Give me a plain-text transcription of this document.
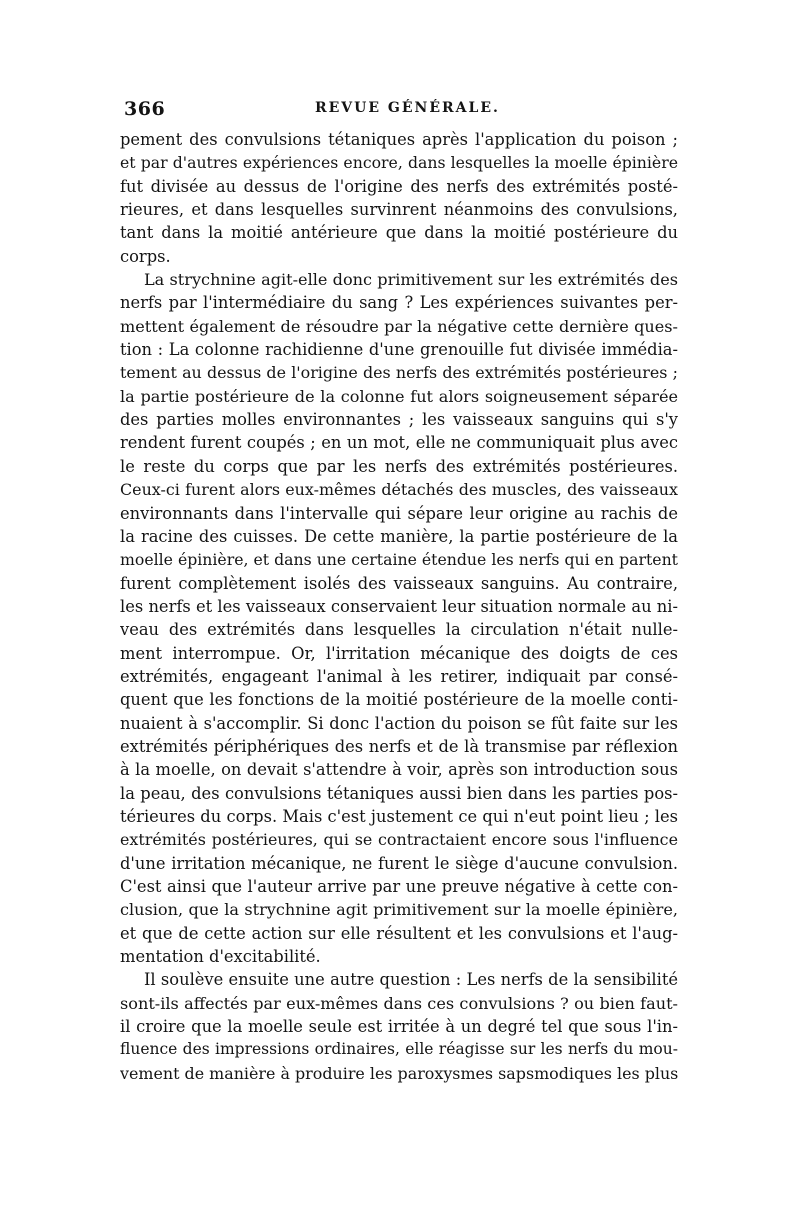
366	REVUE GÉNÉRALE.
pement des convulsions tétaniques après l'application du poison ;
et par d'autres expériences encore, dans lesquelles la moelle épinière
fut divisée au dessus de l'origine des nerfs des extrémités posté-
rieures, et dans lesquelles survinrent néanmoins des convulsions,
tant dans la moitié antérieure que dans la moitié postérieure du
corps.
La strychnine agit-elle donc primitivement sur les extrémités des
nerfs par l'intermédiaire du sang ? Les expériences suivantes per-
mettent également de résoudre par la négative cette dernière ques-
tion : La colonne rachidienne d'une grenouille fut divisée immédia-
tement au dessus de l'origine des nerfs des extrémités postérieures ;
la partie postérieure de la colonne fut alors soigneusement séparée
des parties molles environnantes ; les vaisseaux sanguins qui s'y
rendent furent coupés ; en un mot, elle ne communiquait plus avec
le reste du corps que par les nerfs des extrémités postérieures.
Ceux-ci furent alors eux-mêmes détachés des muscles, des vaisseaux
environnants dans l'intervalle qui sépare leur origine au rachis de
la racine des cuisses. De cette manière, la partie postérieure de la
moelle épinière, et dans une certaine étendue les nerfs qui en partent
furent complètement isolés des vaisseaux sanguins. Au contraire,
les nerfs et les vaisseaux conservaient leur situation normale au ni-
veau des extrémités dans lesquelles la circulation n'était nulle-
ment interrompue. Or, l'irritation mécanique des doigts de ces
extrémités, engageant l'animal à les retirer, indiquait par consé-
quent que les fonctions de la moitié postérieure de la moelle conti-
nuaient à s'accomplir. Si donc l'action du poison se fût faite sur les
extrémités périphériques des nerfs et de là transmise par réflexion
à la moelle, on devait s'attendre à voir, après son introduction sous
la peau, des convulsions tétaniques aussi bien dans les parties pos-
térieures du corps. Mais c'est justement ce qui n'eut point lieu ; les
extrémités postérieures, qui se contractaient encore sous l'influence
d'une irritation mécanique, ne furent le siège d'aucune convulsion.
C'est ainsi que l'auteur arrive par une preuve négative à cette con-
clusion, que la strychnine agit primitivement sur la moelle épinière,
et que de cette action sur elle résultent et les convulsions et l'aug-
mentation d'excitabilité.
Il soulève ensuite une autre question : Les nerfs de la sensibilité
sont-ils affectés par eux-mêmes dans ces convulsions ? ou bien faut-
il croire que la moelle seule est irritée à un degré tel que sous l'in-
fluence des impressions ordinaires, elle réagisse sur les nerfs du mou-
vement de manière à produire les paroxysmes sapsmodiques les plus
